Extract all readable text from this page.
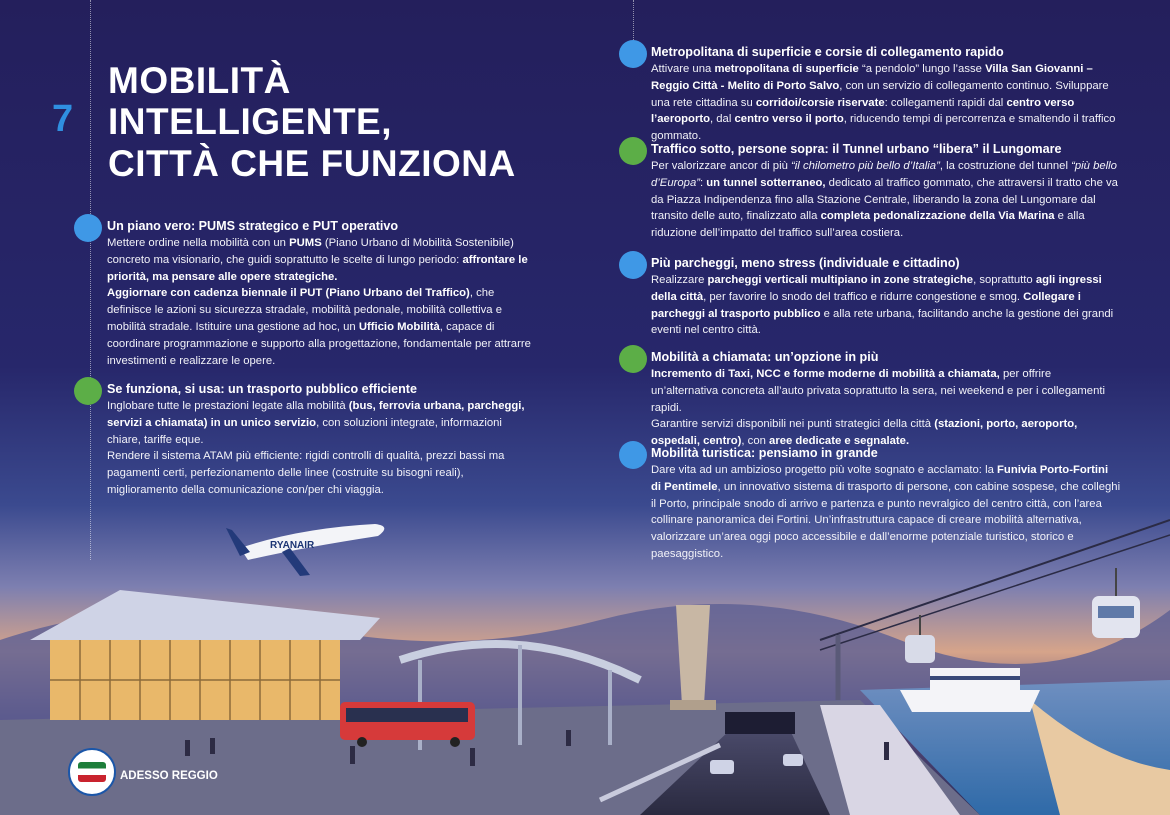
RYANAIR
7
MOBILITÀ
INTELLIGENTE,
CITTÀ CHE FUNZIONA
Un piano vero: PUMS strategico e PUT operativo

Mettere ordine nella mobilità con un PUMS (Piano Urbano di Mobilità Sostenibile) concreto ma visionario, che guidi soprattutto le scelte di lungo periodo: affrontare le priorità, ma pensare alle opere strategiche.
Aggiornare con cadenza biennale il PUT (Piano Urbano del Traffico), che definisce le azioni su sicurezza stradale, mobilità pedonale, mobilità collettiva e mobilità stradale. Istituire una gestione ad hoc, un Ufficio Mobilità, capace di coordinare programmazione e supporto alla progettazione, fondamentale per attrarre investimenti e realizzare le opere.

Se funziona, si usa: un trasporto pubblico efficiente

Inglobare tutte le prestazioni legate alla mobilità (bus, ferrovia urbana, parcheggi, servizi a chiamata) in un unico servizio, con soluzioni integrate, informazioni chiare, tariffe eque.
Rendere il sistema ATAM più efficiente: rigidi controlli di qualità, prezzi bassi ma pagamenti certi, perfezionamento delle linee (costruite su bisogni reali), miglioramento della comunicazione con/per chi viaggia.

Metropolitana di superficie e corsie di collegamento rapido

Attivare una metropolitana di superficie “a pendolo” lungo l’asse Villa San Giovanni – Reggio Città - Melito di Porto Salvo, con un servizio di collegamento continuo. Sviluppare una rete cittadina su corridoi/corsie riservate: collegamenti rapidi dal centro verso l’aeroporto, dal centro verso il porto, riducendo tempi di percorrenza e smaltendo il traffico gommato.

Traffico sotto, persone sopra: il Tunnel urbano “libera” il Lungomare

Per valorizzare ancor di più “il chilometro più bello d’Italia”, la costruzione del tunnel “più bello d’Europa”: un tunnel sotterraneo, dedicato al traffico gommato, che attraversi il tratto che va da Piazza Indipendenza fino alla Stazione Centrale, liberando la zona del Lungomare dal transito delle auto, finalizzato alla completa pedonalizzazione della Via Marina e alla riduzione dell’impatto del traffico sull’area costiera.

Più parcheggi, meno stress (individuale e cittadino)

Realizzare parcheggi verticali multipiano in zone strategiche, soprattutto agli ingressi della città, per favorire lo snodo del traffico e ridurre congestione e smog. Collegare i parcheggi al trasporto pubblico e alla rete urbana, facilitando anche la gestione dei grandi eventi nel centro città.

Mobilità a chiamata: un’opzione in più

Incremento di Taxi, NCC e forme moderne di mobilità a chiamata, per offrire un’alternativa concreta all’auto privata soprattutto la sera, nei weekend e per i collegamenti rapidi.
Garantire servizi disponibili nei punti strategici della città (stazioni, porto, aeroporto, ospedali, centro), con aree dedicate e segnalate.

Mobilità turistica: pensiamo in grande

Dare vita ad un ambizioso progetto più volte sognato e acclamato: la Funivia Porto-Fortini di Pentimele, un innovativo sistema di trasporto di persone, con cabine sospese, che colleghi il Porto, principale snodo di arrivo e partenza e punto nevralgico del centro città, con l’area collinare panoramica dei Fortini. Un’infrastruttura capace di creare mobilità alternativa, valorizzare un’area oggi poco accessibile e dall’enorme potenziale turistico, storico e paesaggistico.

ADESSO REGGIO
